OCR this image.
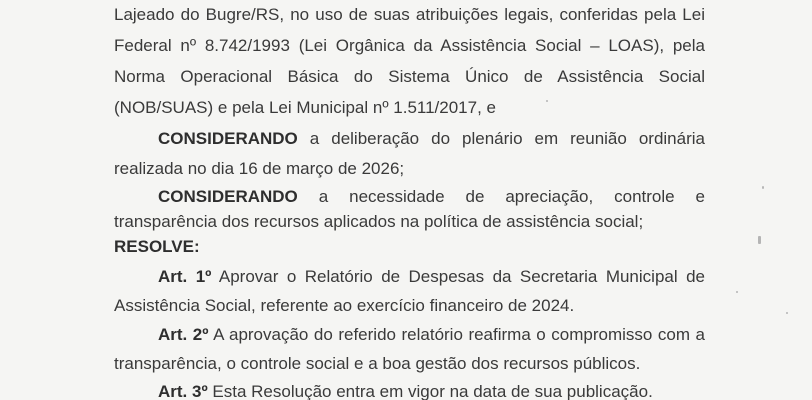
Lajeado do Bugre/RS, no uso de suas atribuições legais, conferidas pela Lei
Federal nº 8.742/1993 (Lei Orgânica da Assistência Social – LOAS), pela
Norma Operacional Básica do Sistema Único de Assistência Social
(NOB/SUAS) e pela Lei Municipal nº 1.511/2017, e
CONSIDERANDO a deliberação do plenário em reunião ordinária
realizada no dia 16 de março de 2026;
CONSIDERANDO a necessidade de apreciação, controle e
transparência dos recursos aplicados na política de assistência social;
RESOLVE:
Art. 1º Aprovar o Relatório de Despesas da Secretaria Municipal de
Assistência Social, referente ao exercício financeiro de 2024.
Art. 2º A aprovação do referido relatório reafirma o compromisso com a
transparência, o controle social e a boa gestão dos recursos públicos.
Art. 3º Esta Resolução entra em vigor na data de sua publicação.
